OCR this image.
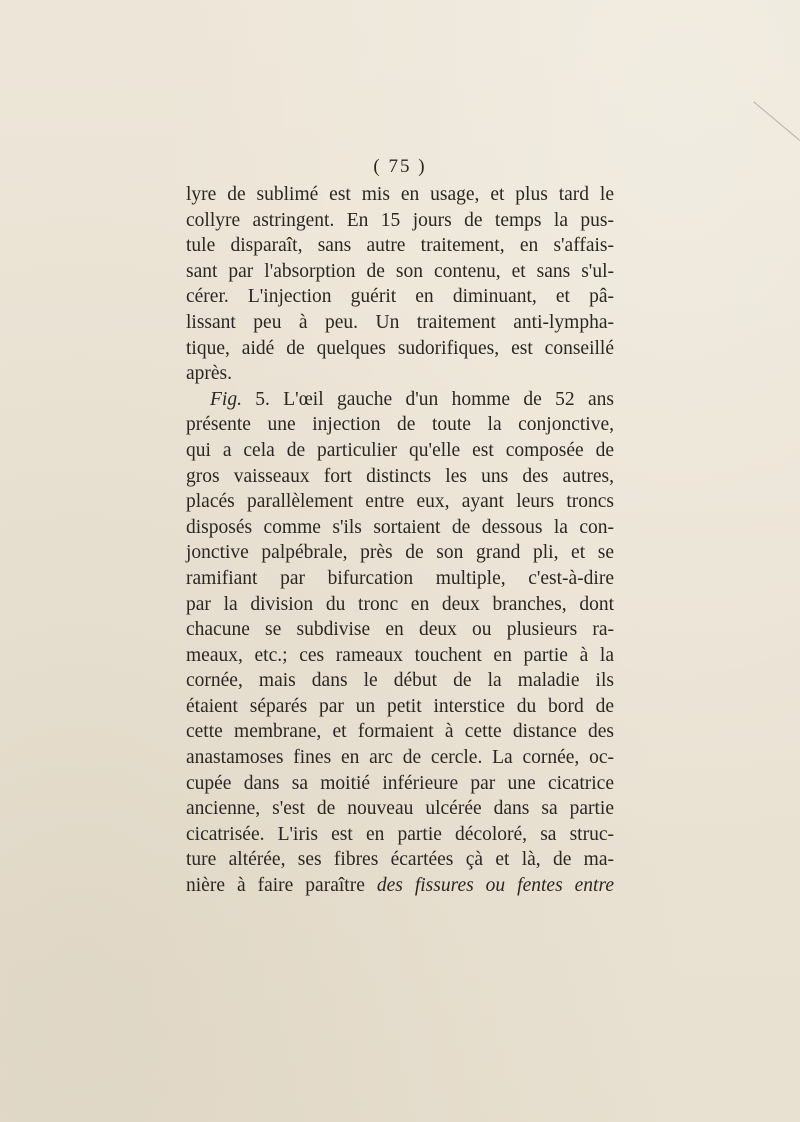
( 75 )
lyre de sublimé est mis en usage, et plus tard le
collyre astringent. En 15 jours de temps la pus-
tule disparaît, sans autre traitement, en s'affais-
sant par l'absorption de son contenu, et sans s'ul-
cérer. L'injection guérit en diminuant, et pâ-
lissant peu à peu. Un traitement anti-lympha-
tique, aidé de quelques sudorifiques, est conseillé
après.
Fig. 5. L'œil gauche d'un homme de 52 ans
présente une injection de toute la conjonctive,
qui a cela de particulier qu'elle est composée de
gros vaisseaux fort distincts les uns des autres,
placés parallèlement entre eux, ayant leurs troncs
disposés comme s'ils sortaient de dessous la con-
jonctive palpébrale, près de son grand pli, et se
ramifiant par bifurcation multiple, c'est-à-dire
par la division du tronc en deux branches, dont
chacune se subdivise en deux ou plusieurs ra-
meaux, etc.; ces rameaux touchent en partie à la
cornée, mais dans le début de la maladie ils
étaient séparés par un petit interstice du bord de
cette membrane, et formaient à cette distance des
anastamoses fines en arc de cercle. La cornée, oc-
cupée dans sa moitié inférieure par une cicatrice
ancienne, s'est de nouveau ulcérée dans sa partie
cicatrisée. L'iris est en partie décoloré, sa struc-
ture altérée, ses fibres écartées çà et là, de ma-
nière à faire paraître des fissures ou fentes entre
